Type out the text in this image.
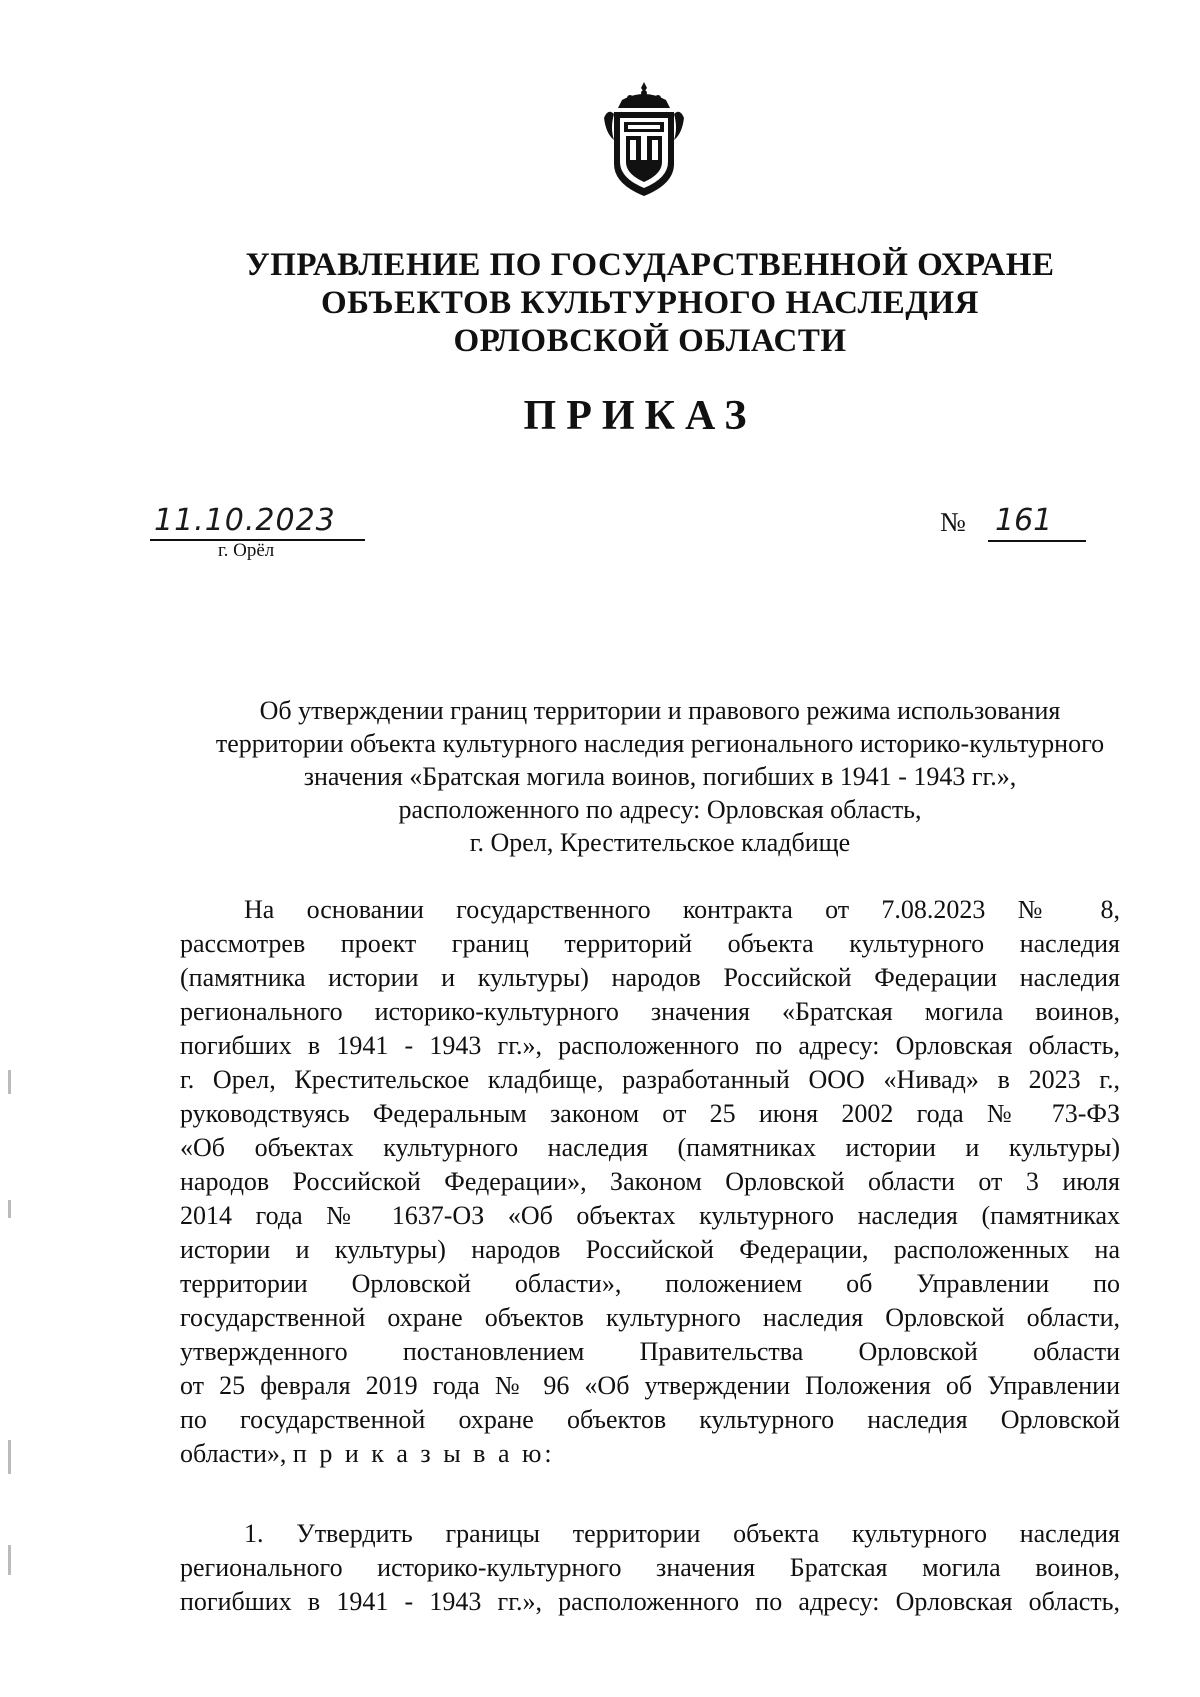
УПРАВЛЕНИЕ ПО ГОСУДАРСТВЕННОЙ ОХРАНЕ
ОБЪЕКТОВ КУЛЬТУРНОГО НАСЛЕДИЯ
ОРЛОВСКОЙ ОБЛАСТИ
ПРИКАЗ
11.10.2023
г. Орёл
№ 161
Об утверждении границ территории и правового режима использования
территории объекта культурного наследия регионального историко-культурного
значения «Братская могила воинов, погибших в 1941 - 1943 гг.»,
расположенного по адресу: Орловская область,
г. Орел, Крестительское кладбище
На основании государственного контракта от 7.08.2023 № 8,
рассмотрев проект границ территорий объекта культурного наследия
(памятника истории и культуры) народов Российской Федерации наследия
регионального историко-культурного значения «Братская могила воинов,
погибших в 1941 - 1943 гг.», расположенного по адресу: Орловская область,
г. Орел, Крестительское кладбище, разработанный ООО «Нивад» в 2023 г.,
руководствуясь Федеральным законом от 25 июня 2002 года № 73-ФЗ
«Об объектах культурного наследия (памятниках истории и культуры)
народов Российской Федерации», Законом Орловской области от 3 июля
2014 года № 1637-ОЗ «Об объектах культурного наследия (памятниках
истории и культуры) народов Российской Федерации, расположенных на
территории Орловской области», положением об Управлении по
государственной охране объектов культурного наследия Орловской области,
утвержденного постановлением Правительства Орловской области
от 25 февраля 2019 года № 96 «Об утверждении Положения об Управлении
по государственной охране объектов культурного наследия Орловской
области», п р и к а з ы в а ю:
1. Утвердить границы территории объекта культурного наследия
регионального историко-культурного значения Братская могила воинов,
погибших в 1941 - 1943 гг.», расположенного по адресу: Орловская область,
